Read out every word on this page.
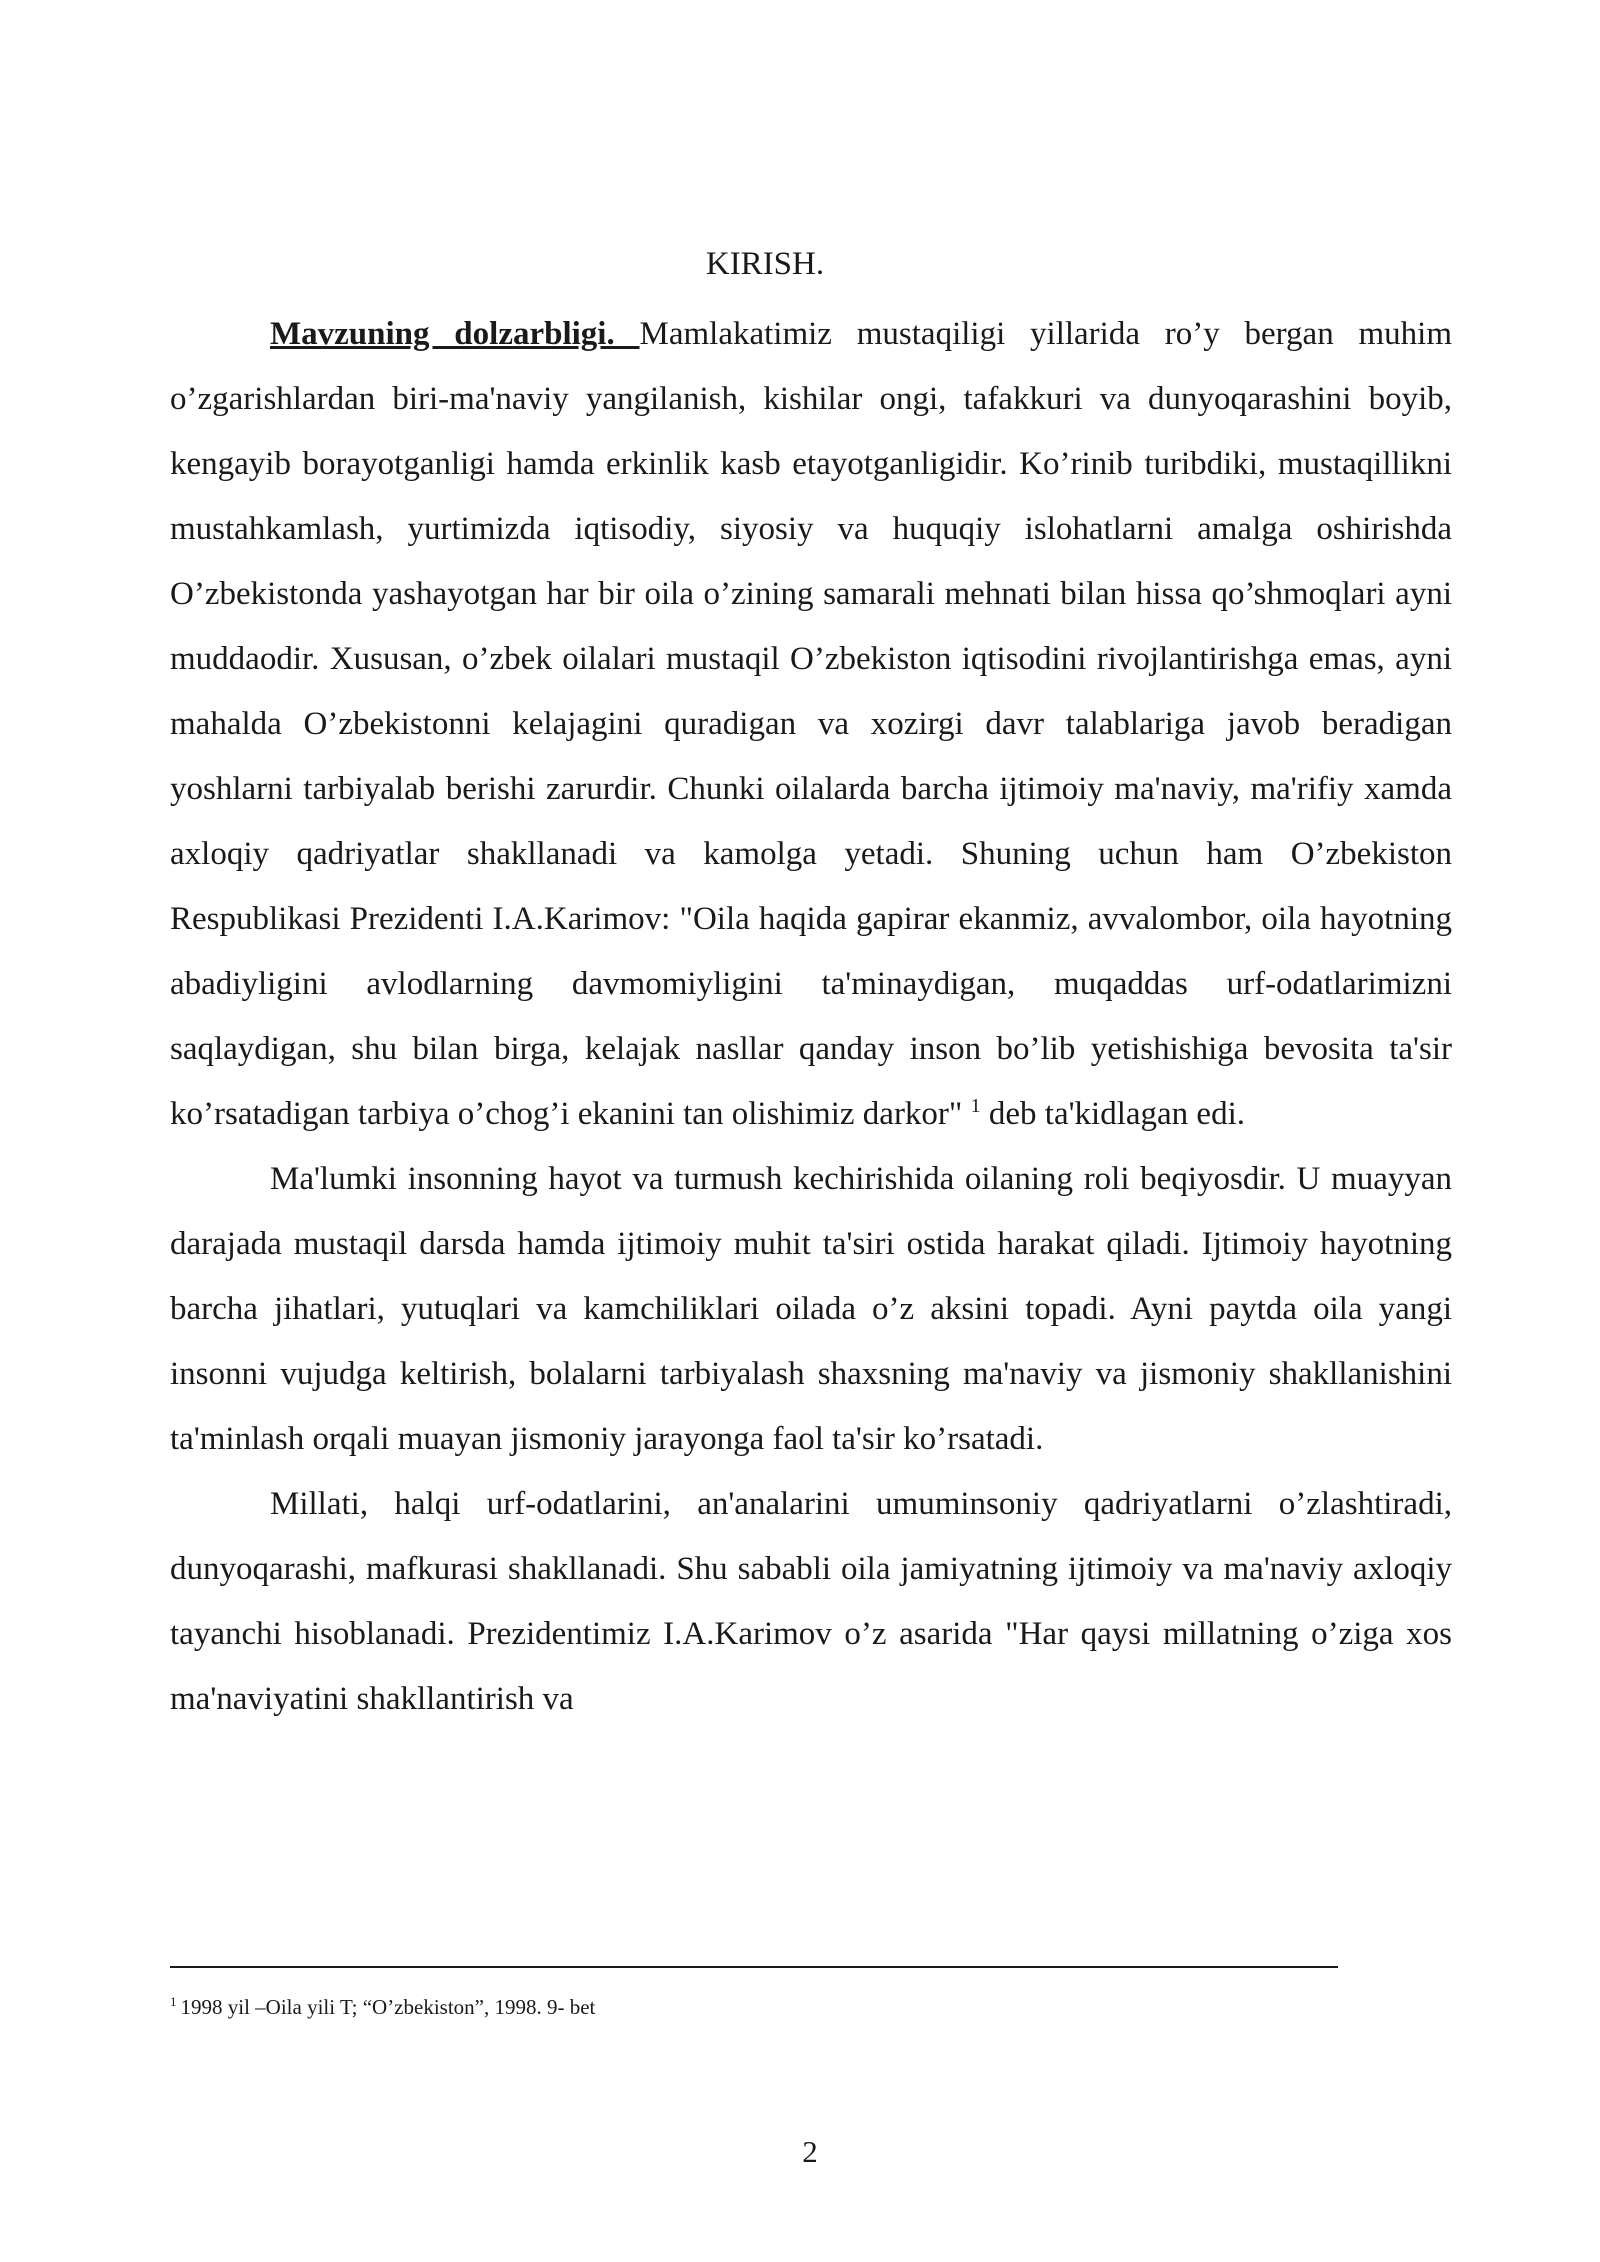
KIRISH.

Mavzuning dolzarbligi. Mamlakatimiz mustaqiligi yillarida ro’y bergan muhim o’zgarishlardan biri-ma'naviy yangilanish, kishilar ongi, tafakkuri va dunyoqarashini boyib, kengayib borayotganligi hamda erkinlik kasb etayotganligidir. Ko’rinib turibdiki, mustaqillikni mustahkamlash, yurtimizda iqtisodiy, siyosiy va huquqiy islohatlarni amalga oshirishda O’zbekistonda yashayotgan har bir oila o’zining samarali mehnati bilan hissa qo’shmoqlari ayni muddaodir. Xususan, o’zbek oilalari mustaqil O’zbekiston iqtisodini rivojlantirishga emas, ayni mahalda O’zbekistonni kelajagini quradigan va xozirgi davr talablariga javob beradigan yoshlarni tarbiyalab berishi zarurdir. Chunki oilalarda barcha ijtimoiy ma'naviy, ma'rifiy xamda axloqiy qadriyatlar shakllanadi va kamolga yetadi. Shuning uchun ham O’zbekiston Respublikasi Prezidenti I.A.Karimov: "Oila haqida gapirar ekanmiz, avvalombor, oila hayotning abadiyligini avlodlarning davmomiyligini ta'minaydigan, muqaddas urf-odatlarimizni saqlaydigan, shu bilan birga, kelajak nasllar qanday inson bo’lib yetishishiga bevosita ta'sir ko’rsatadigan tarbiya o’chog’i ekanini tan olishimiz darkor" $^1$ deb ta'kidlagan edi.

Ma'lumki insonning hayot va turmush kechirishida oilaning roli beqiyosdir. U muayyan darajada mustaqil darsda hamda ijtimoiy muhit ta'siri ostida harakat qiladi. Ijtimoiy hayotning barcha jihatlari, yutuqlari va kamchiliklari oilada o’z aksini topadi. Ayni paytda oila yangi insonni vujudga keltirish, bolalarni tarbiyalash shaxsning ma'naviy va jismoniy shakllanishini ta'minlash orqali muayan jismoniy jarayonga faol ta'sir ko’rsatadi.

Millati, halqi urf-odatlarini, an'analarini umuminsoniy qadriyatlarni o’zlashtiradi, dunyoqarashi, mafkurasi shakllanadi. Shu sababli oila jamiyatning ijtimoiy va ma'naviy axloqiy tayanchi hisoblanadi. Prezidentimiz I.A.Karimov o’z asarida "Har qaysi millatning o’ziga xos ma'naviyatini shakllantirish va

$^1$ 1998 yil –Oila yili T; “O’zbekiston”, 1998. 9- bet
2
